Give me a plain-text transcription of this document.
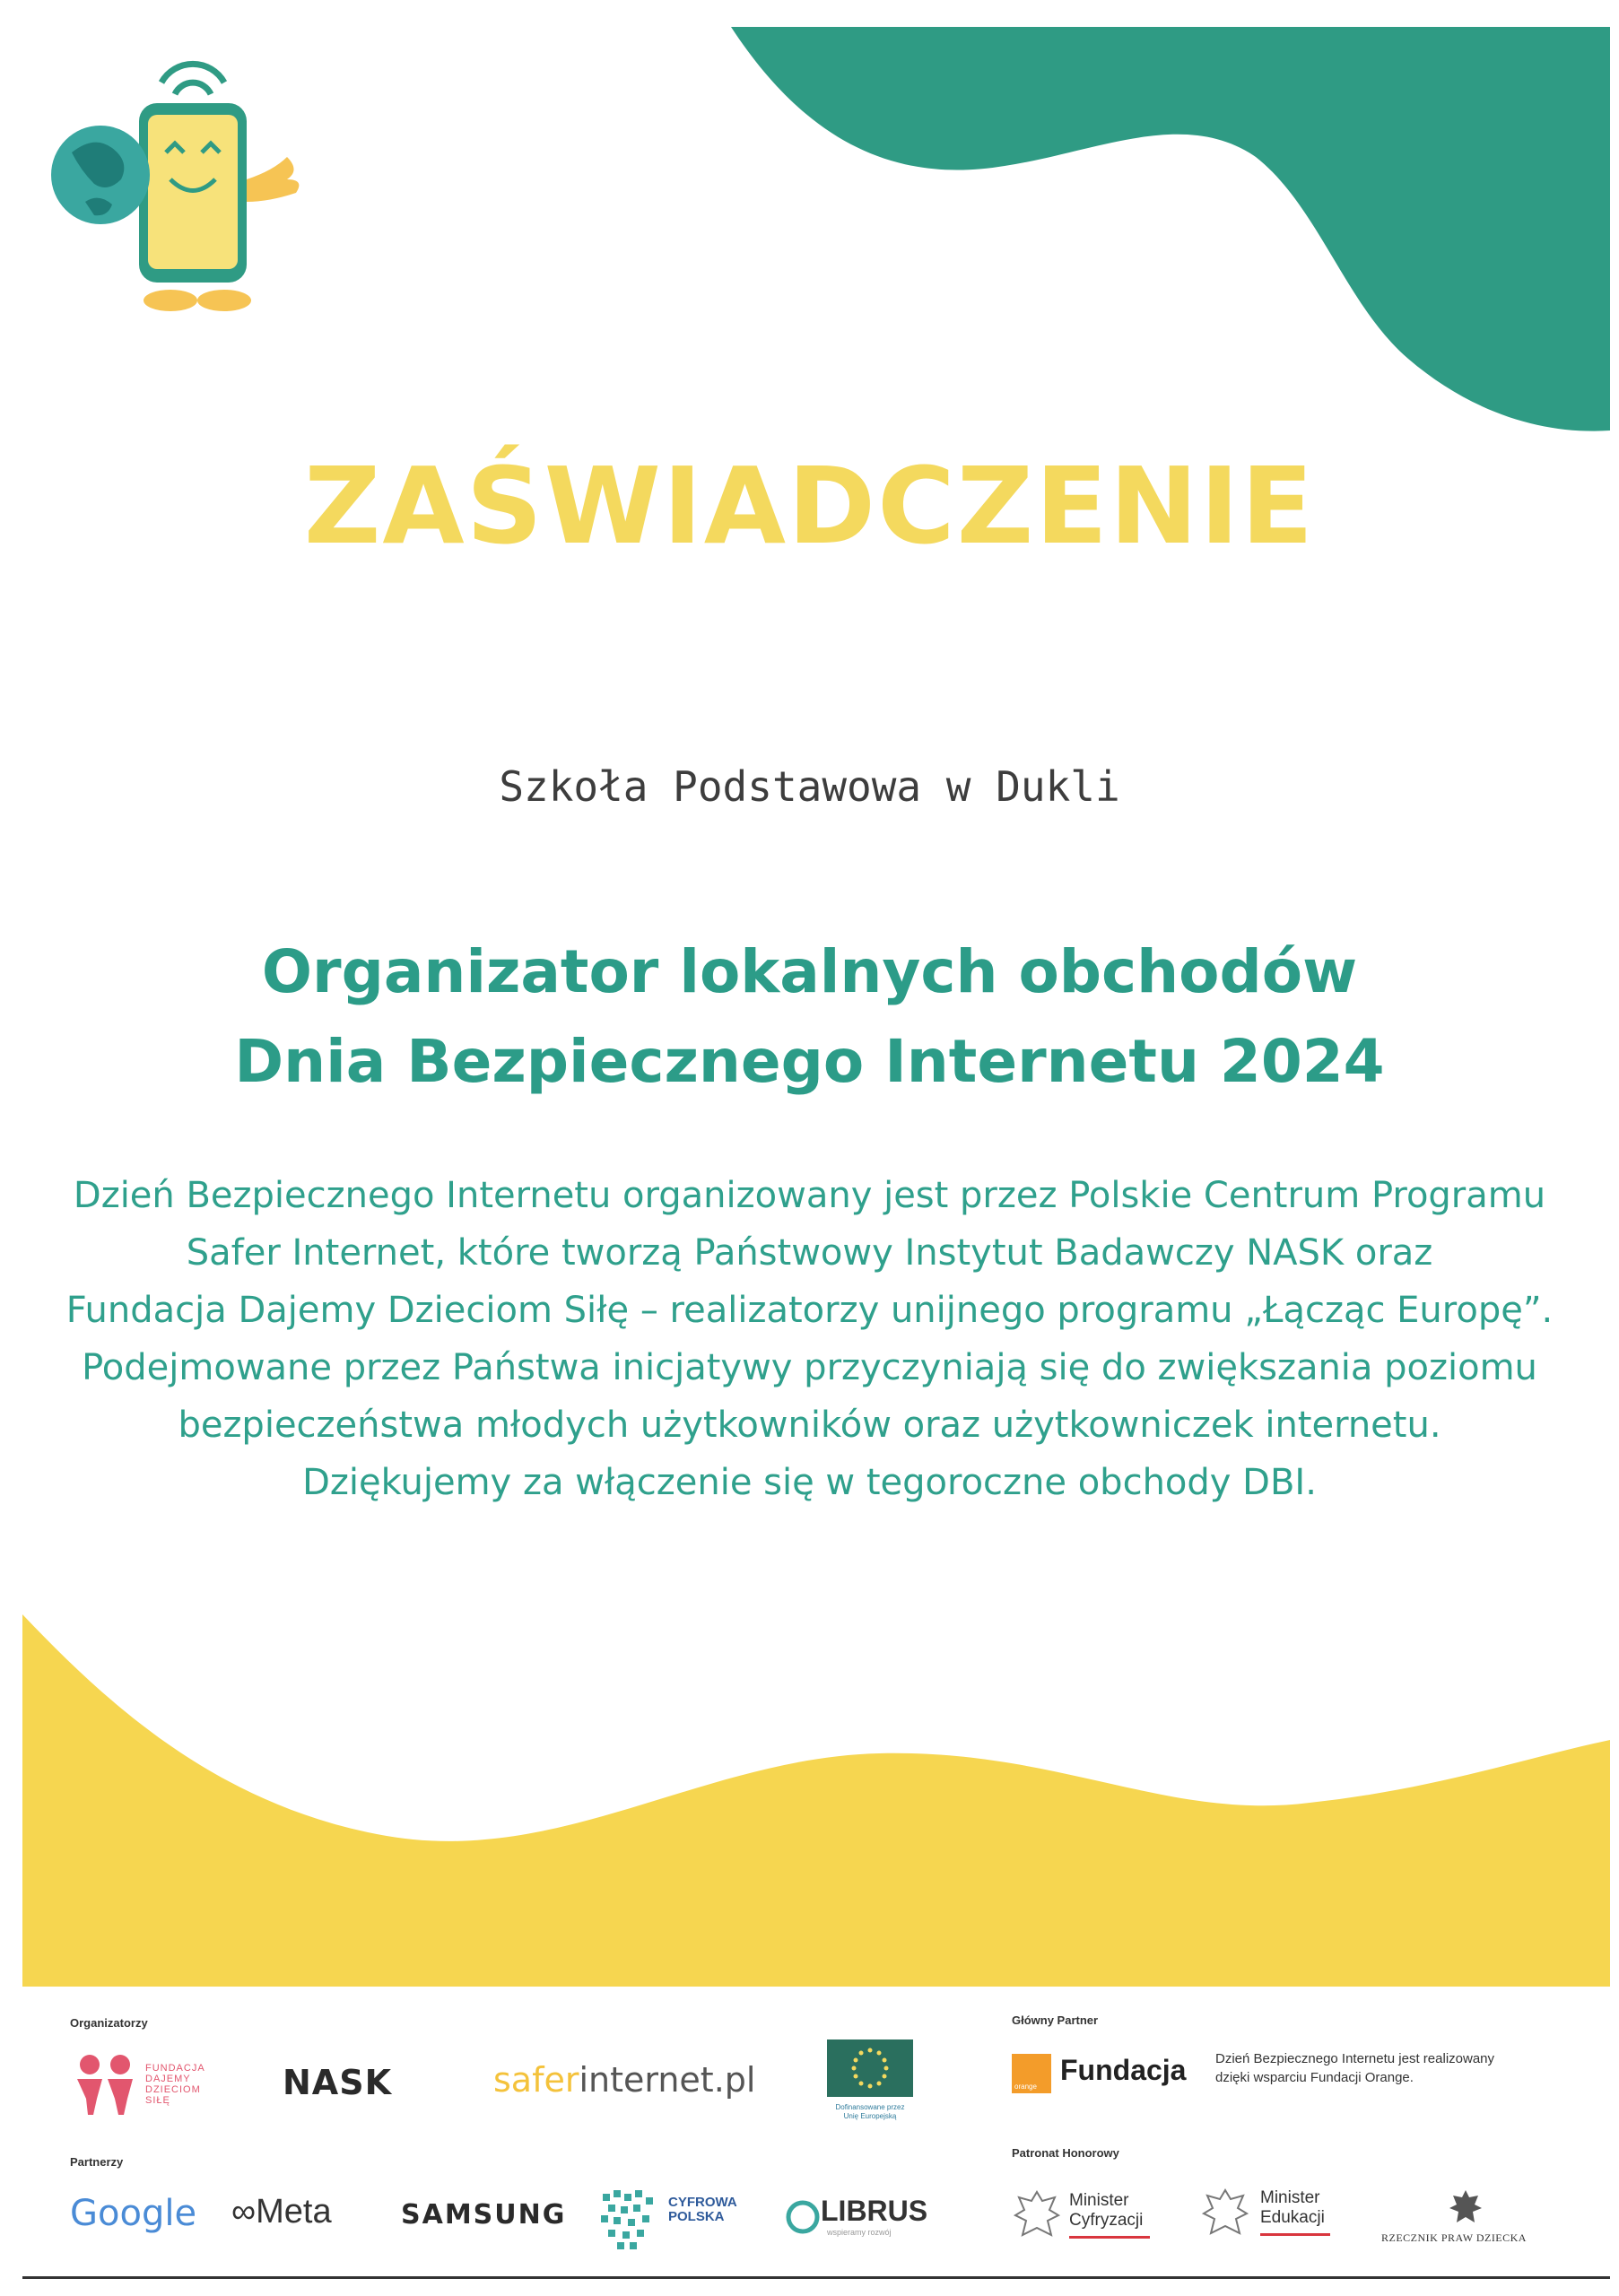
ZAŚWIADCZENIE
Szkoła Podstawowa w Dukli
Organizator lokalnych obchodów
Dnia Bezpiecznego Internetu 2024
Dzień Bezpiecznego Internetu organizowany jest przez Polskie Centrum Programu
Safer Internet, które tworzą Państwowy Instytut Badawczy NASK oraz
Fundacja Dajemy Dzieciom Siłę – realizatorzy unijnego programu „Łącząc Europę”.
Podejmowane przez Państwa inicjatywy przyczyniają się do zwiększania poziomu
bezpieczeństwa młodych użytkowników oraz użytkowniczek internetu.
Dziękujemy za włączenie się w tegoroczne obchody DBI.
Organizatorzy
Partnerzy
Główny Partner
Patronat Honorowy
FUNDACJA
DAJEMY
DZIECIOM
SIŁĘ	NASK	saferinternet.pl
Dofinansowane przez
Unię Europejską
orange
Fundacja Dzień Bezpiecznego Internetu jest realizowany
dzięki wsparciu Fundacji Orange.
Google ∞Meta	SAMSUNG	CYFROWA
POLSKA	LIBRUS
wspieramy rozwój
Minister
Cyfryzacji
Minister
Edukacji
RZECZNIK PRAW DZIECKA
